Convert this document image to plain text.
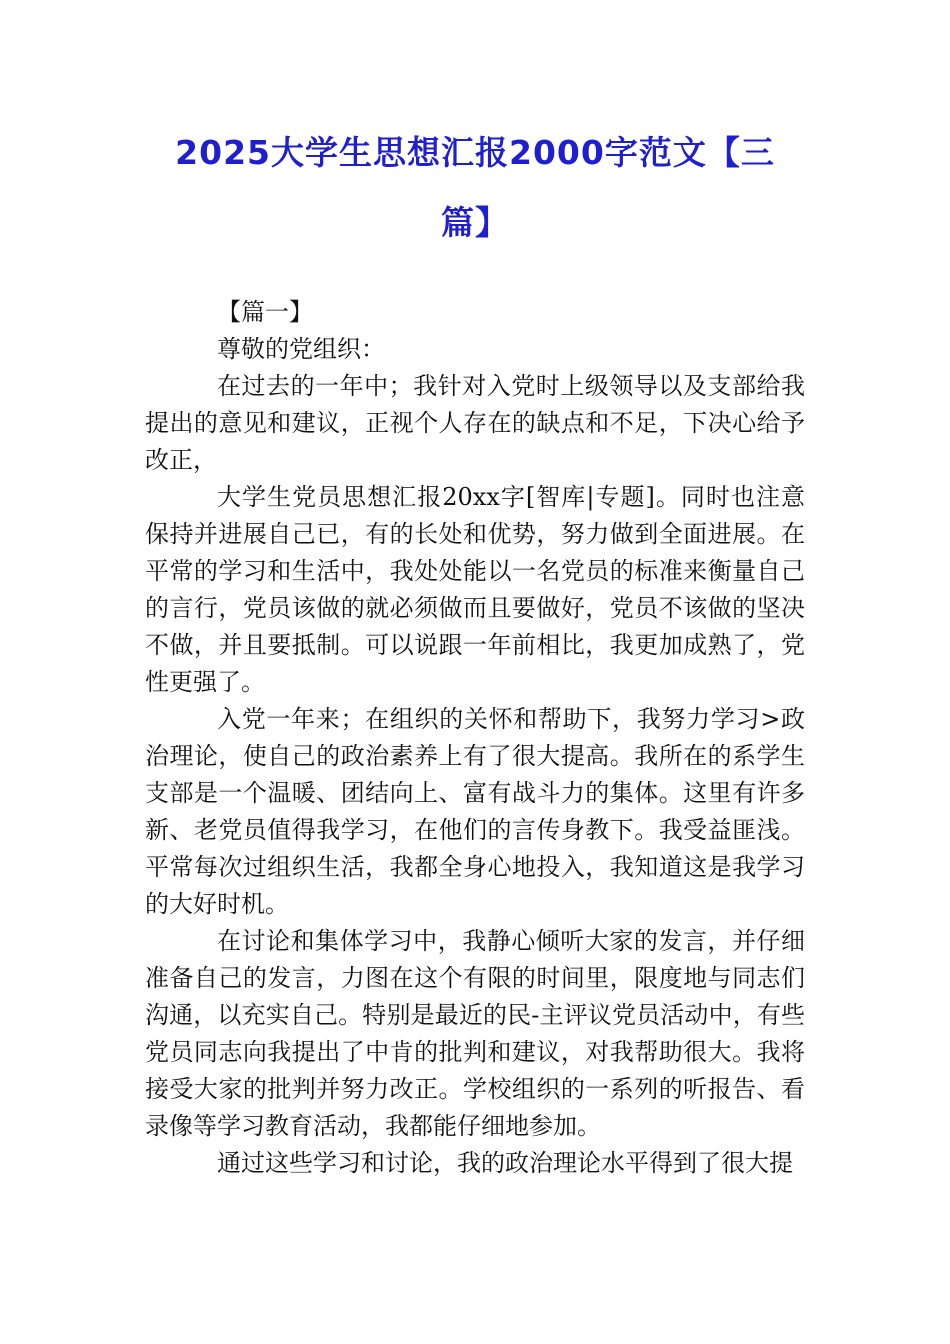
2025大学生思想汇报2000字范文【三篇】

【篇一】

尊敬的党组织：

在过去的一年中；我针对入党时上级领导以及支部给我提出的意见和建议，正视个人存在的缺点和不足，下决心给予改正，

大学生党员思想汇报20xx字[智库|专题]。同时也注意保持并进展自己已，有的长处和优势，努力做到全面进展。在平常的学习和生活中，我处处能以一名党员的标准来衡量自己的言行，党员该做的就必须做而且要做好，党员不该做的坚决不做，并且要抵制。可以说跟一年前相比，我更加成熟了，党性更强了。

入党一年来；在组织的关怀和帮助下，我努力学习>政治理论，使自己的政治素养上有了很大提高。我所在的系学生支部是一个温暖、团结向上、富有战斗力的集体。这里有许多新、老党员值得我学习，在他们的言传身教下。我受益匪浅。平常每次过组织生活，我都全身心地投入，我知道这是我学习的大好时机。

在讨论和集体学习中，我静心倾听大家的发言，并仔细准备自己的发言，力图在这个有限的时间里，限度地与同志们沟通，以充实自己。特别是最近的民-主评议党员活动中，有些党员同志向我提出了中肯的批判和建议，对我帮助很大。我将接受大家的批判并努力改正。学校组织的一系列的听报告、看录像等学习教育活动，我都能仔细地参加。

通过这些学习和讨论，我的政治理论水平得到了很大提
